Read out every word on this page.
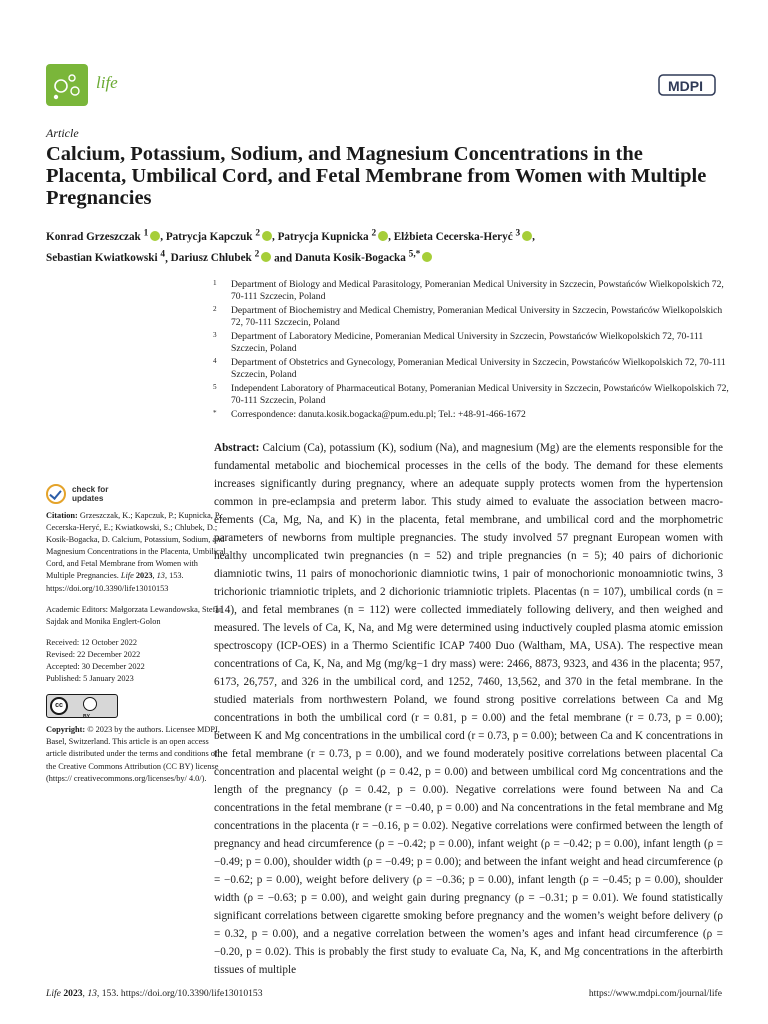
life	MDPI
Article
Calcium, Potassium, Sodium, and Magnesium Concentrations in the Placenta, Umbilical Cord, and Fetal Membrane from Women with Multiple Pregnancies
Konrad Grzeszczak $^1$ , Patrycja Kapczuk $^2$ , Patrycja Kupnicka $^2$ , Elżbieta Cecerska-Heryć $^3$ ,
Sebastian Kwiatkowski $^4$, Dariusz Chlubek $^2$ and Danuta Kosik-Bogacka $^{5,*}$
1 Department of Biology and Medical Parasitology, Pomeranian Medical University in Szczecin, Powstańców Wielkopolskich 72, 70-111 Szczecin, Poland
2 Department of Biochemistry and Medical Chemistry, Pomeranian Medical University in Szczecin, Powstańców Wielkopolskich 72, 70-111 Szczecin, Poland
3 Department of Laboratory Medicine, Pomeranian Medical University in Szczecin, Powstańców Wielkopolskich 72, 70-111 Szczecin, Poland
4 Department of Obstetrics and Gynecology, Pomeranian Medical University in Szczecin, Powstańców Wielkopolskich 72, 70-111 Szczecin, Poland
5 Independent Laboratory of Pharmaceutical Botany, Pomeranian Medical University in Szczecin, Powstańców Wielkopolskich 72, 70-111 Szczecin, Poland
* Correspondence: danuta.kosik.bogacka@pum.edu.pl; Tel.: +48-91-466-1672
check for
updates
Citation: Grzeszczak, K.; Kapczuk, P.; Kupnicka, P.; Cecerska-Heryć, E.; Kwiatkowski, S.; Chlubek, D.; Kosik-Bogacka, D. Calcium, Potassium, Sodium, and Magnesium Concentrations in the Placenta, Umbilical Cord, and Fetal Membrane from Women with Multiple Pregnancies. Life 2023, 13, 153. https://doi.org/10.3390/life13010153
Academic Editors: Małgorzata Lewandowska, Stefan Sajdak and Monika Englert-Golon
Received: 12 October 2022
Revised: 22 December 2022
Accepted: 30 December 2022
Published: 5 January 2023
cc
BY
Copyright: © 2023 by the authors. Licensee MDPI, Basel, Switzerland. This article is an open access article distributed under the terms and conditions of the Creative Commons Attribution (CC BY) license (https:// creativecommons.org/licenses/by/ 4.0/).

Abstract: Calcium (Ca), potassium (K), sodium (Na), and magnesium (Mg) are the elements responsible for the fundamental metabolic and biochemical processes in the cells of the body. The demand for these elements increases significantly during pregnancy, where an adequate supply protects women from the hypertension common in pre-eclampsia and preterm labor. This study aimed to evaluate the association between macro-elements (Ca, Mg, Na, and K) in the placenta, fetal membrane, and umbilical cord and the morphometric parameters of newborns from multiple pregnancies. The study involved 57 pregnant European women with healthy uncomplicated twin pregnancies (n = 52) and triple pregnancies (n = 5); 40 pairs of dichorionic diamniotic twins, 11 pairs of monochorionic diamniotic twins, 1 pair of monochorionic monoamniotic twins, 3 trichorionic triamniotic triplets, and 2 dichorionic triamniotic triplets. Placentas (n = 107), umbilical cords (n = 114), and fetal membranes (n = 112) were collected immediately following delivery, and then weighed and measured. The levels of Ca, K, Na, and Mg were determined using inductively coupled plasma atomic emission spectroscopy (ICP-OES) in a Thermo Scientific ICAP 7400 Duo (Waltham, MA, USA). The respective mean concentrations of Ca, K, Na, and Mg (mg/kg−1 dry mass) were: 2466, 8873, 9323, and 436 in the placenta; 957, 6173, 26,757, and 326 in the umbilical cord, and 1252, 7460, 13,562, and 370 in the fetal membrane. In the studied materials from northwestern Poland, we found strong positive correlations between Ca and Mg concentrations in both the umbilical cord (r = 0.81, p = 0.00) and the fetal membrane (r = 0.73, p = 0.00); between K and Mg concentrations in the umbilical cord (r = 0.73, p = 0.00); between Ca and K concentrations in the fetal membrane (r = 0.73, p = 0.00), and we found moderately positive correlations between placental Ca concentration and placental weight (ρ = 0.42, p = 0.00) and between umbilical cord Mg concentrations and the length of the pregnancy (ρ = 0.42, p = 0.00). Negative correlations were found between Na and Ca concentrations in the fetal membrane (r = −0.40, p = 0.00) and Na concentrations in the fetal membrane and Mg concentrations in the placenta (r = −0.16, p = 0.02). Negative correlations were confirmed between the length of pregnancy and head circumference (ρ = −0.42; p = 0.00), infant weight (ρ = −0.42; p = 0.00), infant length (ρ = −0.49; p = 0.00), shoulder width (ρ = −0.49; p = 0.00); and between the infant weight and head circumference (ρ = −0.62; p = 0.00), weight before delivery (ρ = −0.36; p = 0.00), infant length (ρ = −0.45; p = 0.00), shoulder width (ρ = −0.63; p = 0.00), and weight gain during pregnancy (ρ = −0.31; p = 0.01). We found statistically significant correlations between cigarette smoking before pregnancy and the women’s weight before delivery (ρ = 0.32, p = 0.00), and a negative correlation between the women’s ages and infant head circumference (ρ = −0.20, p = 0.02). This is probably the first study to evaluate Ca, Na, K, and Mg concentrations in the afterbirth tissues of multiple

Life 2023, 13, 153. https://doi.org/10.3390/life13010153	https://www.mdpi.com/journal/life
